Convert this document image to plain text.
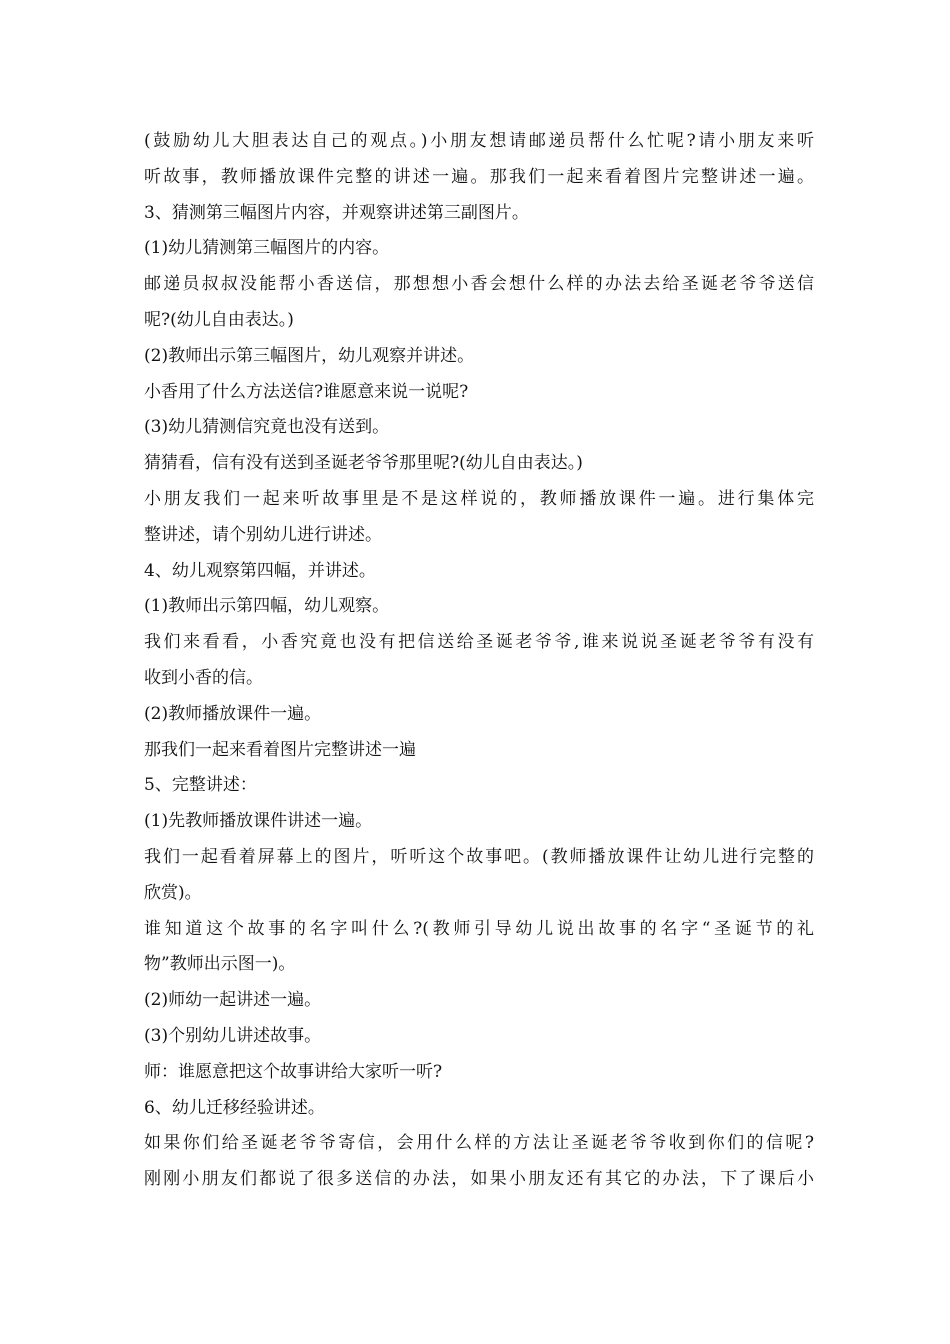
(鼓励幼儿大胆表达自己的观点。)小朋友想请邮递员帮什么忙呢?请小朋友来听
听故事，教师播放课件完整的讲述一遍。那我们一起来看着图片完整讲述一遍。
3、猜测第三幅图片内容，并观察讲述第三副图片。
(1)幼儿猜测第三幅图片的内容。
邮递员叔叔没能帮小香送信，那想想小香会想什么样的办法去给圣诞老爷爷送信
呢?(幼儿自由表达。)
(2)教师出示第三幅图片，幼儿观察并讲述。
小香用了什么方法送信?谁愿意来说一说呢?
(3)幼儿猜测信究竟也没有送到。
猜猜看，信有没有送到圣诞老爷爷那里呢?(幼儿自由表达。)
小朋友我们一起来听故事里是不是这样说的，教师播放课件一遍。进行集体完
整讲述，请个别幼儿进行讲述。
4、幼儿观察第四幅，并讲述。
(1)教师出示第四幅，幼儿观察。
我们来看看，小香究竟也没有把信送给圣诞老爷爷,谁来说说圣诞老爷爷有没有
收到小香的信。
(2)教师播放课件一遍。
那我们一起来看着图片完整讲述一遍
5、完整讲述：
(1)先教师播放课件讲述一遍。
我们一起看着屏幕上的图片，听听这个故事吧。(教师播放课件让幼儿进行完整的
欣赏)。
谁知道这个故事的名字叫什么?(教师引导幼儿说出故事的名字“圣诞节的礼
物”教师出示图一)。
(2)师幼一起讲述一遍。
(3)个别幼儿讲述故事。
师：谁愿意把这个故事讲给大家听一听?
6、幼儿迁移经验讲述。
如果你们给圣诞老爷爷寄信，会用什么样的方法让圣诞老爷爷收到你们的信呢?
刚刚小朋友们都说了很多送信的办法，如果小朋友还有其它的办法，下了课后小
